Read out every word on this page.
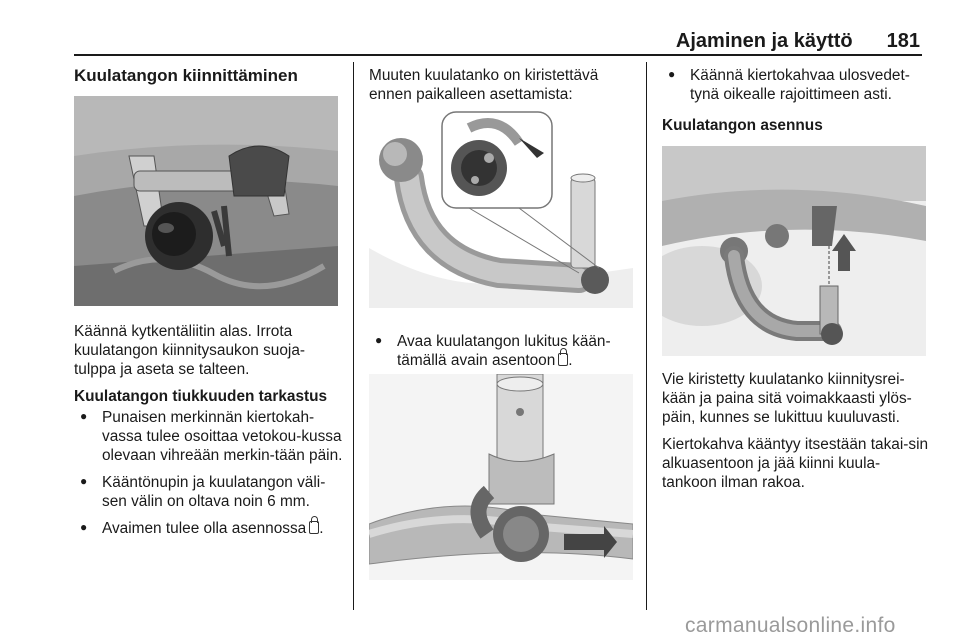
Ajaminen ja käyttö 181
Kuulatangon kiinnittäminen

Käännä kytkentäliitin alas. Irrota kuulatangon kiinnitysaukon suoja-tulppa ja aseta se talteen.

Kuulatangon tiukkuuden tarkastus
● Punaisen merkinnän kiertokah-vassa tulee osoittaa vetokou-kussa olevaan vihreään merkin-tään päin.
● Kääntönupin ja kuulatangon väli-sen välin on oltava noin 6 mm.
● Avaimen tulee olla asennossa .

Muuten kuulatanko on kiristettävä ennen paikalleen asettamista:

● Avaa kuulatangon lukitus kään-tämällä avain asentoon .
● Käännä kiertokahvaa ulosvedet-tynä oikealle rajoittimeen asti.
Kuulatangon asennus

Vie kiristetty kuulatanko kiinnitysrei-kään ja paina sitä voimakkaasti ylös-päin, kunnes se lukittuu kuuluvasti.

Kiertokahva kääntyy itsestään takai-sin alkuasentoon ja jää kiinni kuula-tankoon ilman rakoa.

carmanualsonline.info
